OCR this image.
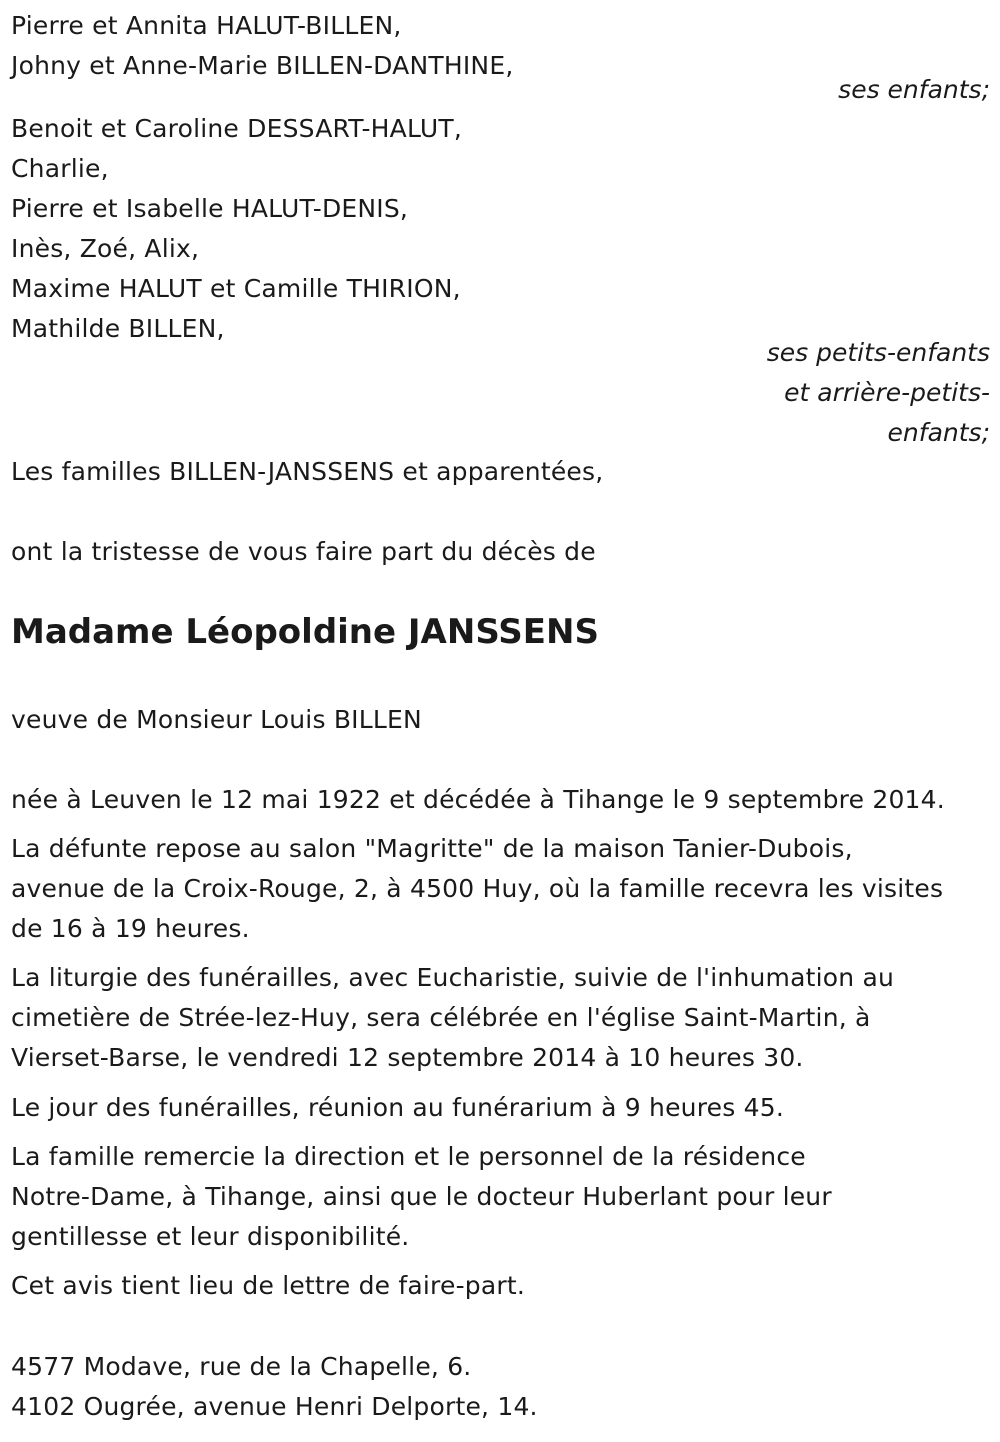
Pierre et Annita HALUT-BILLEN,
Johny et Anne-Marie BILLEN-DANTHINE,
ses enfants;
Benoit et Caroline DESSART-HALUT,
Charlie,
Pierre et Isabelle HALUT-DENIS,
Inès, Zoé, Alix,
Maxime HALUT et Camille THIRION,
Mathilde BILLEN,
ses petits-enfants
et arrière-petits-
enfants;
Les familles BILLEN-JANSSENS et apparentées,
ont la tristesse de vous faire part du décès de
Madame Léopoldine JANSSENS
veuve de Monsieur Louis BILLEN
née à Leuven le 12 mai 1922 et décédée à Tihange le 9 septembre 2014.
La défunte repose au salon "Magritte" de la maison Tanier-Dubois,
avenue de la Croix-Rouge, 2, à 4500 Huy, où la famille recevra les visites
de 16 à 19 heures.
La liturgie des funérailles, avec Eucharistie, suivie de l'inhumation au
cimetière de Strée-lez-Huy, sera célébrée en l'église Saint-Martin, à
Vierset-Barse, le vendredi 12 septembre 2014 à 10 heures 30.
Le jour des funérailles, réunion au funérarium à 9 heures 45.
La famille remercie la direction et le personnel de la résidence
Notre-Dame, à Tihange, ainsi que le docteur Huberlant pour leur
gentillesse et leur disponibilité.
Cet avis tient lieu de lettre de faire-part.
4577 Modave, rue de la Chapelle, 6.
4102 Ougrée, avenue Henri Delporte, 14.
